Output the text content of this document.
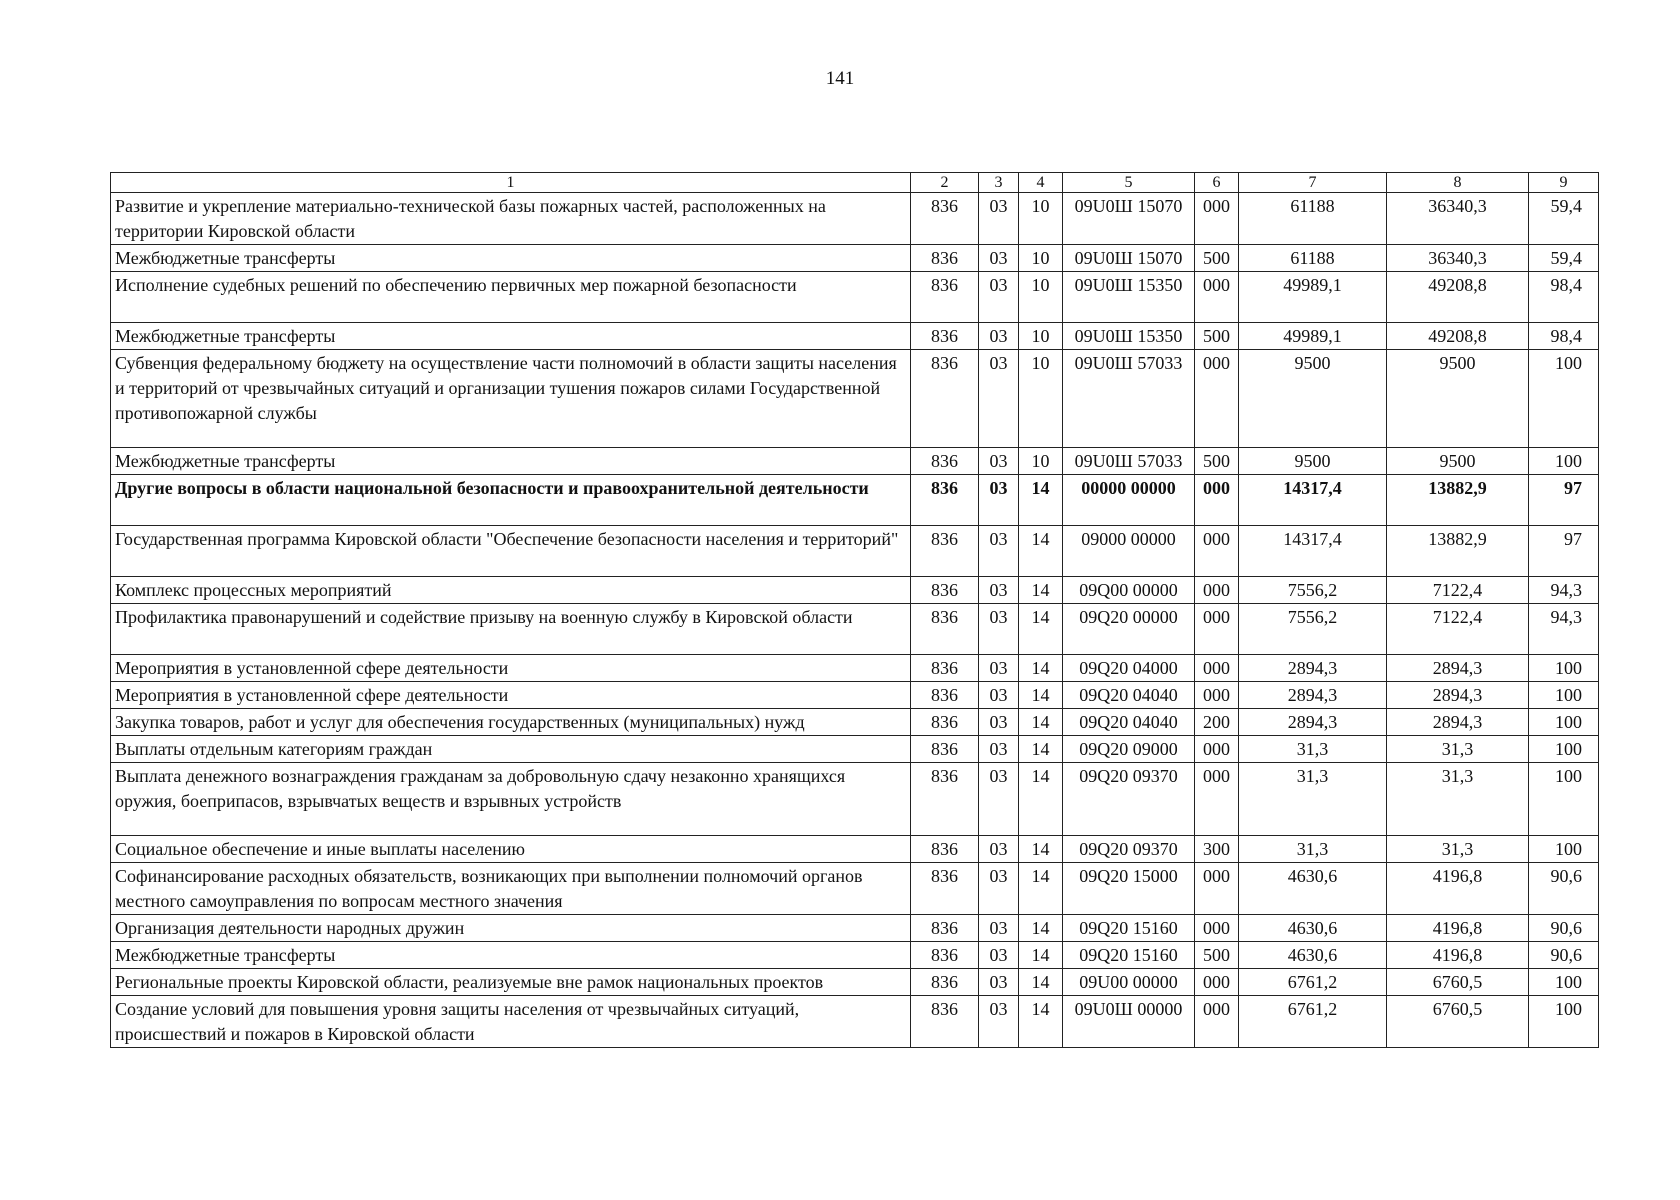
141
1	2	3	4	5	6	7	8	9
Развитие и укрепление материально-технической базы пожарных частей, расположенных на территории Кировской области	836	03	10	09U0Ш 15070	000	61188	36340,3	59,4
Межбюджетные трансферты	836	03	10	09U0Ш 15070	500	61188	36340,3	59,4
Исполнение судебных решений по обеспечению первичных мер пожарной безопасности	836	03	10	09U0Ш 15350	000	49989,1	49208,8	98,4
Межбюджетные трансферты	836	03	10	09U0Ш 15350	500	49989,1	49208,8	98,4
Субвенция федеральному бюджету на осуществление части полномочий в области защиты населения и территорий от чрезвычайных ситуаций и организации тушения пожаров силами Государственной противопожарной службы	836	03	10	09U0Ш 57033	000	9500	9500	100
Межбюджетные трансферты	836	03	10	09U0Ш 57033	500	9500	9500	100
Другие вопросы в области национальной безопасности и правоохранительной деятельности	836	03	14	00000 00000	000	14317,4	13882,9	97
Государственная программа Кировской области "Обеспечение безопасности населения и территорий"	836	03	14	09000 00000	000	14317,4	13882,9	97
Комплекс процессных мероприятий	836	03	14	09Q00 00000	000	7556,2	7122,4	94,3
Профилактика правонарушений и содействие призыву на военную службу в Кировской области	836	03	14	09Q20 00000	000	7556,2	7122,4	94,3
Мероприятия в установленной сфере деятельности	836	03	14	09Q20 04000	000	2894,3	2894,3	100
Мероприятия в установленной сфере деятельности	836	03	14	09Q20 04040	000	2894,3	2894,3	100
Закупка товаров, работ и услуг для обеспечения государственных (муниципальных) нужд	836	03	14	09Q20 04040	200	2894,3	2894,3	100
Выплаты отдельным категориям граждан	836	03	14	09Q20 09000	000	31,3	31,3	100
Выплата денежного вознаграждения гражданам за добровольную сдачу незаконно хранящихся оружия, боеприпасов, взрывчатых веществ и взрывных устройств	836	03	14	09Q20 09370	000	31,3	31,3	100
Социальное обеспечение и иные выплаты населению	836	03	14	09Q20 09370	300	31,3	31,3	100
Софинансирование расходных обязательств, возникающих при выполнении полномочий органов местного самоуправления по вопросам местного значения	836	03	14	09Q20 15000	000	4630,6	4196,8	90,6
Организация деятельности народных дружин	836	03	14	09Q20 15160	000	4630,6	4196,8	90,6
Межбюджетные трансферты	836	03	14	09Q20 15160	500	4630,6	4196,8	90,6
Региональные проекты Кировской области, реализуемые вне рамок национальных проектов	836	03	14	09U00 00000	000	6761,2	6760,5	100
Создание условий для повышения уровня защиты населения от чрезвычайных ситуаций, происшествий и пожаров в Кировской области	836	03	14	09U0Ш 00000	000	6761,2	6760,5	100
